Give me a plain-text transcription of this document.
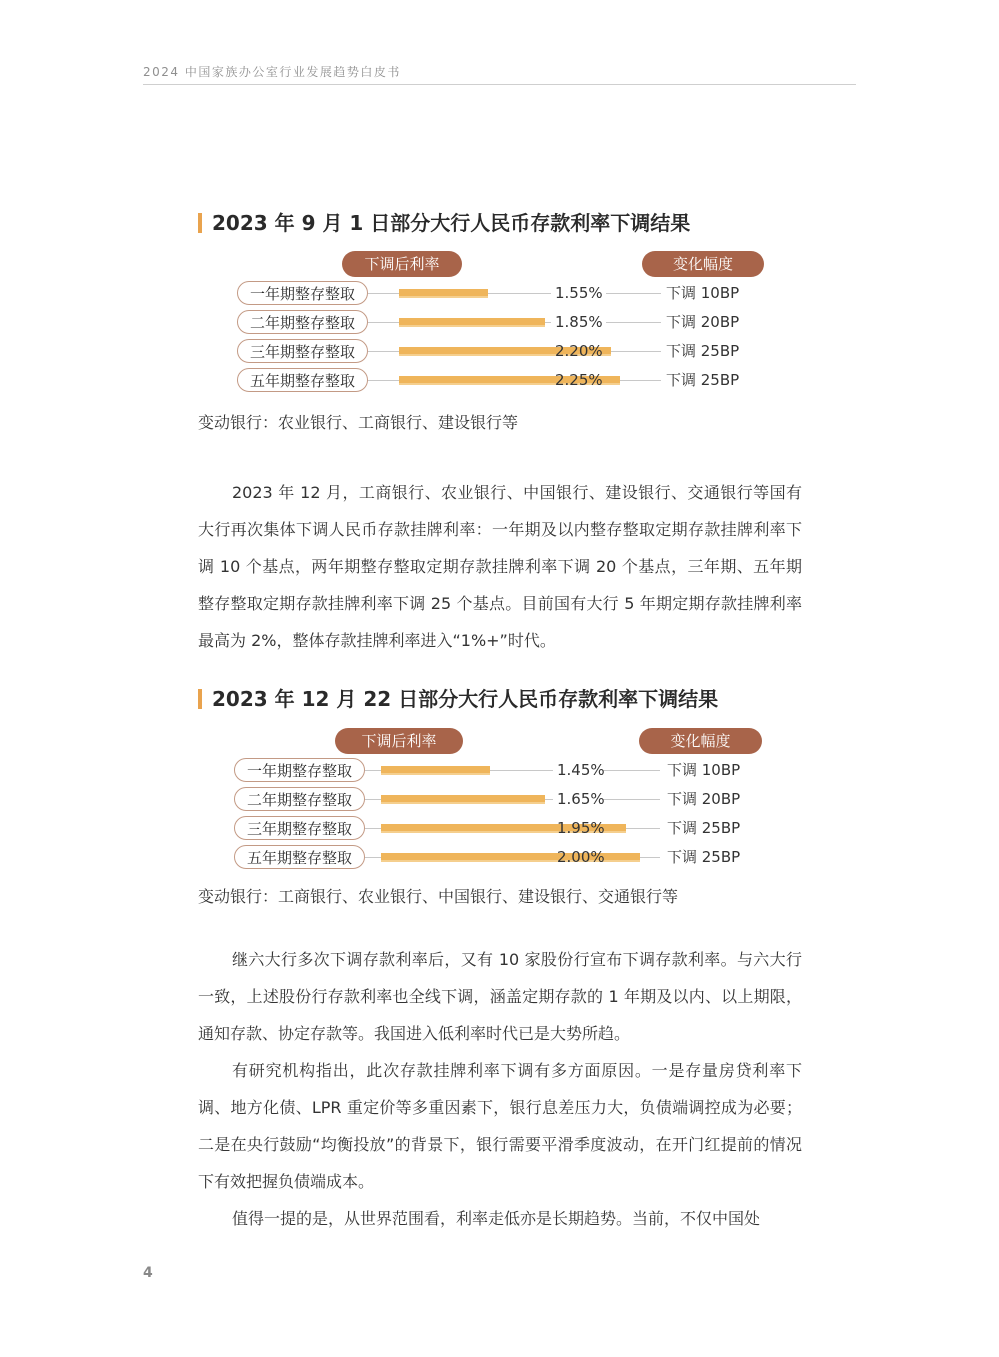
2024 中国家族办公室行业发展趋势白皮书
2023 年 9 月 1 日部分大行人民币存款利率下调结果
下调后利率	变化幅度
一年期整存整取	1.55%	下调 10BP
二年期整存整取	1.85%	下调 20BP
三年期整存整取	2.20%	下调 25BP
五年期整存整取	2.25%	下调 25BP
变动银行：农业银行、工商银行、建设银行等

2023 年 12 月，工商银行、农业银行、中国银行、建设银行、交通银行等国有大行再次集体下调人民币存款挂牌利率：一年期及以内整存整取定期存款挂牌利率下调 10 个基点，两年期整存整取定期存款挂牌利率下调 20 个基点，三年期、五年期整存整取定期存款挂牌利率下调 25 个基点。目前国有大行 5 年期定期存款挂牌利率最高为 2%，整体存款挂牌利率进入“1%+”时代。

2023 年 12 月 22 日部分大行人民币存款利率下调结果
下调后利率	变化幅度
一年期整存整取	1.45%	下调 10BP
二年期整存整取	1.65%	下调 20BP
三年期整存整取	1.95%	下调 25BP
五年期整存整取	2.00%	下调 25BP
变动银行：工商银行、农业银行、中国银行、建设银行、交通银行等

继六大行多次下调存款利率后，又有 10 家股份行宣布下调存款利率。与六大行一致，上述股份行存款利率也全线下调，涵盖定期存款的 1 年期及以内、以上期限，通知存款、协定存款等。我国进入低利率时代已是大势所趋。

有研究机构指出，此次存款挂牌利率下调有多方面原因。一是存量房贷利率下调、地方化债、LPR 重定价等多重因素下，银行息差压力大，负债端调控成为必要；二是在央行鼓励“均衡投放”的背景下，银行需要平滑季度波动，在开门红提前的情况下有效把握负债端成本。

值得一提的是，从世界范围看，利率走低亦是长期趋势。当前，不仅中国处

4
